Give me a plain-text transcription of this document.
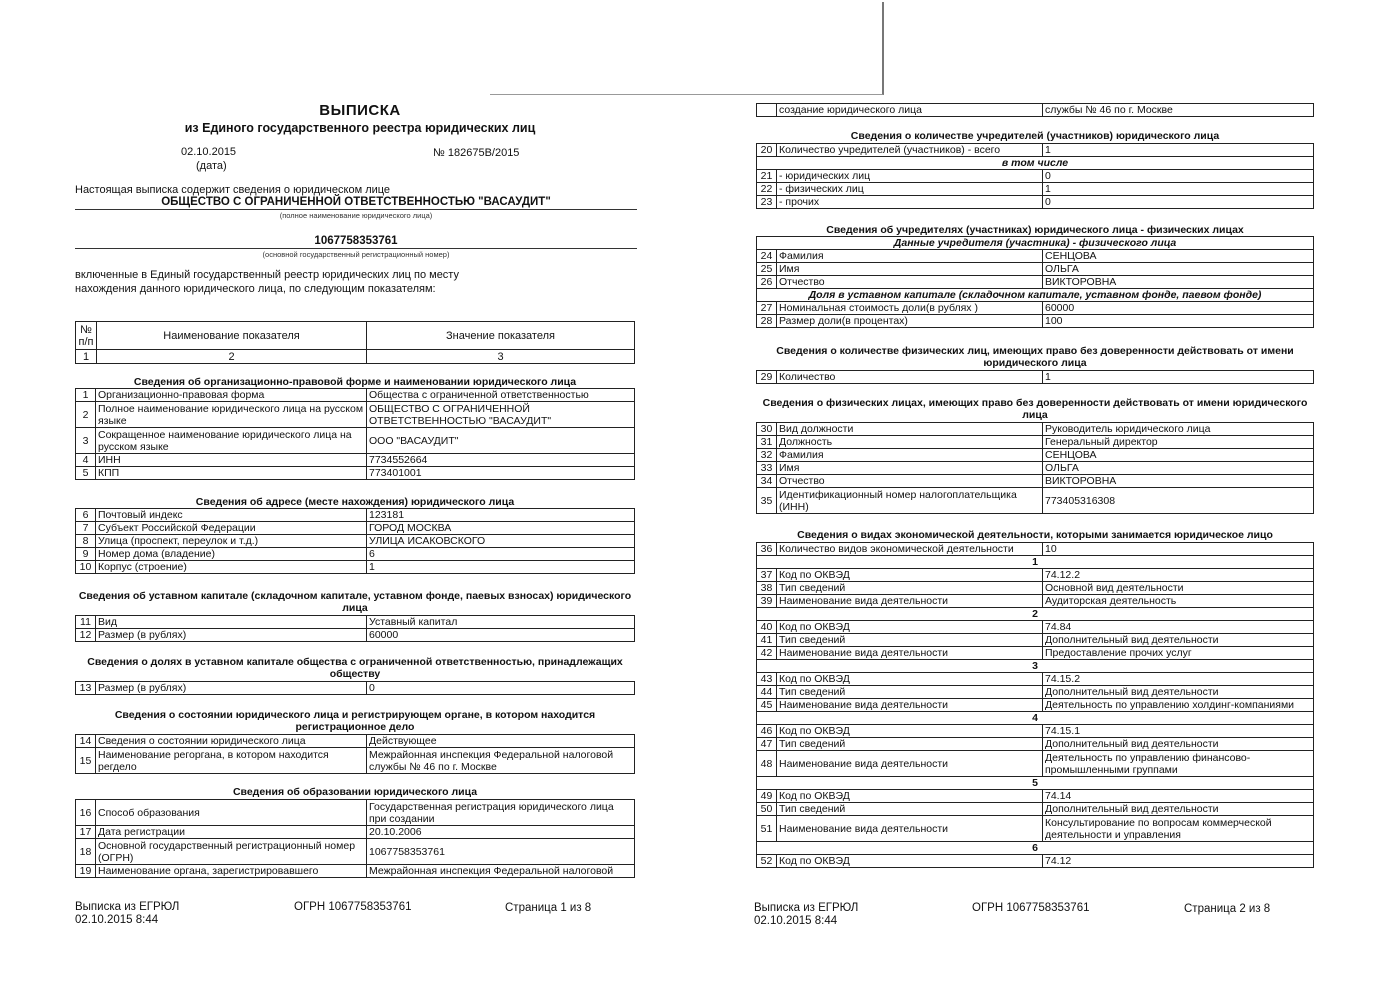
ВЫПИСКА
из Единого государственного реестра юридических лиц
02.10.2015
(дата)
№ 182675В/2015
Настоящая выписка содержит сведения о юридическом лице
ОБЩЕСТВО С ОГРАНИЧЕННОЙ ОТВЕТСТВЕННОСТЬЮ "ВАСАУДИТ"
(полное наименование юридического лица)
1067758353761
(основной государственный регистрационный номер)
включенные в Единый государственный реестр юридических лиц по месту
нахождения данного юридического лица, по следующим показателям:
№ п/п	Наименование показателя	Значение показателя
1	2	3
Сведения об организационно-правовой форме и наименовании юридического лица
1	Организационно-правовая форма	Общества с ограниченной ответственностью
2	Полное наименование юридического лица на русском языке	ОБЩЕСТВО С ОГРАНИЧЕННОЙ ОТВЕТСТВЕННОСТЬЮ "ВАСАУДИТ"
3	Сокращенное наименование юридического лица на русском языке	ООО "ВАСАУДИТ"
4	ИНН	7734552664
5	КПП	773401001
Сведения об адресе (месте нахождения) юридического лица
6	Почтовый индекс	123181
7	Субъект Российской Федерации	ГОРОД МОСКВА
8	Улица (проспект, переулок и т.д.)	УЛИЦА ИСАКОВСКОГО
9	Номер дома (владение)	6
10	Корпус (строение)	1
Сведения об уставном капитале (складочном капитале, уставном фонде, паевых взносах) юридического лица
11	Вид	Уставный капитал
12	Размер (в рублях)	60000
Сведения о долях в уставном капитале общества с ограниченной ответственностью, принадлежащих обществу
13	Размер (в рублях)	0
Сведения о состоянии юридического лица и регистрирующем органе, в котором находится регистрационное дело
14	Сведения о состоянии юридического лица	Действующее
15	Наименование регоргана, в котором находится регдело	Межрайонная инспекция Федеральной налоговой службы № 46 по г. Москве
Сведения об образовании юридического лица
16	Способ образования	Государственная регистрация юридического лица при создании
17	Дата регистрации	20.10.2006
18	Основной государственный регистрационный номер (ОГРН)	1067758353761
19	Наименование органа, зарегистрировавшего	Межрайонная инспекция Федеральной налоговой
Выписка из ЕГРЮЛ
02.10.2015 8:44
ОГРН 1067758353761	Страница 1 из 8
	создание юридического лица	службы № 46 по г. Москве
Сведения о количестве учредителей (участников) юридического лица
20	Количество учредителей (участников) - всего	1
в том числе		
21	- юридических лиц	0
22	- физических лиц	1
23	- прочих	0
Сведения об учредителях (участниках) юридического лица - физических лицах
Данные учредителя (участника) - физического лица		
24	Фамилия	СЕНЦОВА
25	Имя	ОЛЬГА
26	Отчество	ВИКТОРОВНА
Доля в уставном капитале (складочном капитале, уставном фонде, паевом фонде)		
27	Номинальная стоимость доли(в рублях )	60000
28	Размер доли(в процентах)	100
Сведения о количестве физических лиц, имеющих право без доверенности действовать от имени юридического лица
29	Количество	1
Сведения о физических лицах, имеющих право без доверенности действовать от имени юридического лица
30	Вид должности	Руководитель юридического лица
31	Должность	Генеральный директор
32	Фамилия	СЕНЦОВА
33	Имя	ОЛЬГА
34	Отчество	ВИКТОРОВНА
35	Идентификационный номер налогоплательщика (ИНН)	773405316308
Сведения о видах экономической деятельности, которыми занимается юридическое лицо
36	Количество видов экономической деятельности	10
1		
37	Код по ОКВЭД	74.12.2
38	Тип сведений	Основной вид деятельности
39	Наименование вида деятельности	Аудиторская деятельность
2		
40	Код по ОКВЭД	74.84
41	Тип сведений	Дополнительный вид деятельности
42	Наименование вида деятельности	Предоставление прочих услуг
3		
43	Код по ОКВЭД	74.15.2
44	Тип сведений	Дополнительный вид деятельности
45	Наименование вида деятельности	Деятельность по управлению холдинг-компаниями
4		
46	Код по ОКВЭД	74.15.1
47	Тип сведений	Дополнительный вид деятельности
48	Наименование вида деятельности	Деятельность по управлению финансово-промышленными группами
5		
49	Код по ОКВЭД	74.14
50	Тип сведений	Дополнительный вид деятельности
51	Наименование вида деятельности	Консультирование по вопросам коммерческой деятельности и управления
6		
52	Код по ОКВЭД	74.12
Выписка из ЕГРЮЛ
02.10.2015 8:44
ОГРН 1067758353761	Страница 2 из 8
